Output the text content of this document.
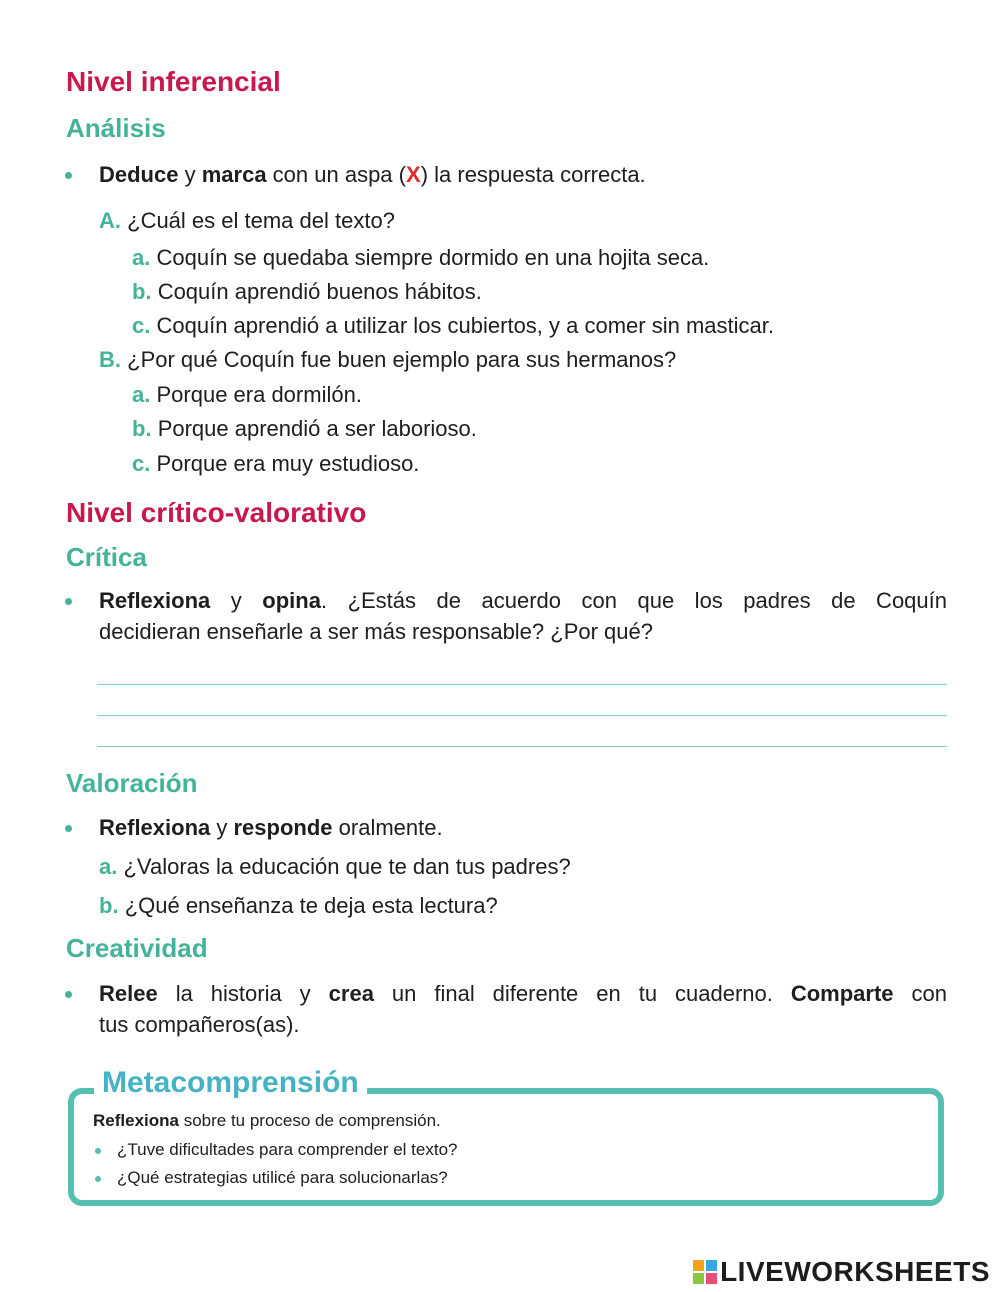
Nivel inferencial
Análisis
Deduce y marca con un aspa (X) la respuesta correcta.
A. ¿Cuál es el tema del texto?
a. Coquín se quedaba siempre dormido en una hojita seca.
b. Coquín aprendió buenos hábitos.
c. Coquín aprendió a utilizar los cubiertos, y a comer sin masticar.
B. ¿Por qué Coquín fue buen ejemplo para sus hermanos?
a. Porque era dormilón.
b. Porque aprendió a ser laborioso.
c. Porque era muy estudioso.
Nivel crítico-valorativo
Crítica
Reflexiona y opina. ¿Estás de acuerdo con que los padres de Coquín
decidieran enseñarle a ser más responsable? ¿Por qué?
Valoración
Reflexiona y responde oralmente.
a. ¿Valoras la educación que te dan tus padres?
b. ¿Qué enseñanza te deja esta lectura?
Creatividad
Relee la historia y crea un final diferente en tu cuaderno. Comparte con
tus compañeros(as).
Metacomprensión
Reflexiona sobre tu proceso de comprensión.
¿Tuve dificultades para comprender el texto?
¿Qué estrategias utilicé para solucionarlas?
LIVEWORKSHEETS
